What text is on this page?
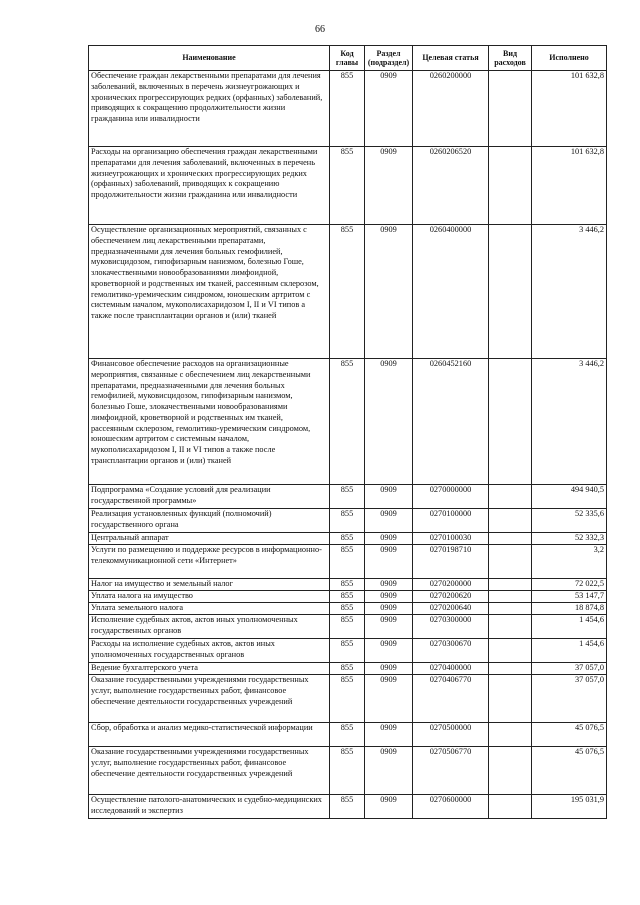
66
Наименование	Код главы	Раздел (подраздел)	Целевая статья	Вид расходов	Исполнено
Обеспечение граждан лекарственными препаратами для лечения заболеваний, включенных в перечень жизнеугрожающих и хронических прогрессирующих редких (орфанных) заболеваний, приводящих к сокращению продолжительности жизни гражданина или инвалидности	855	0909	0260200000		101 632,8
Расходы на организацию обеспечения граждан лекарственными препаратами для лечения заболеваний, включенных в перечень жизнеугрожающих и хронических прогрессирующих редких (орфанных) заболеваний, приводящих к сокращению продолжительности жизни гражданина или инвалидности	855	0909	0260206520		101 632,8
Осуществление организационных мероприятий, связанных с обеспечением лиц лекарственными препаратами, предназначенными для лечения больных гемофилией, муковисцидозом, гипофизарным нанизмом, болезнью Гоше, злокачественными новообразованиями лимфоидной, кроветворной и родственных им тканей, рассеянным склерозом, гемолитико-уремическим синдромом, юношеским артритом с системным началом, мукополисахаридозом I, II и VI типов а также после трансплантации органов и (или) тканей	855	0909	0260400000		3 446,2
Финансовое обеспечение расходов на организационные мероприятия, связанные с обеспечением лиц лекарственными препаратами, предназначенными для лечения больных гемофилией, муковисцидозом, гипофизарным нанизмом, болезнью Гоше, злокачественными новообразованиями лимфоидной, кроветворной и родственных им тканей, рассеянным склерозом, гемолитико-уремическим синдромом, юношеским артритом с системным началом, мукополисахаридозом I, II и VI типов а также после трансплантации органов и (или) тканей	855	0909	0260452160		3 446,2
Подпрограмма «Создание условий для реализации государственной программы»	855	0909	0270000000		494 940,5
Реализация установленных функций (полномочий) государственного органа	855	0909	0270100000		52 335,6
Центральный аппарат	855	0909	0270100030		52 332,3
Услуги по размещению и поддержке ресурсов в информационно-телекоммуникационной сети «Интернет»	855	0909	0270198710		3,2
Налог на имущество и земельный налог	855	0909	0270200000		72 022,5
Уплата налога на имущество	855	0909	0270200620		53 147,7
Уплата земельного налога	855	0909	0270200640		18 874,8
Исполнение судебных актов, актов иных уполномоченных государственных органов	855	0909	0270300000		1 454,6
Расходы на исполнение судебных актов, актов иных уполномоченных государственных органов	855	0909	0270300670		1 454,6
Ведение бухгалтерского учета	855	0909	0270400000		37 057,0
Оказание государственными учреждениями государственных услуг, выполнение государственных работ, финансовое обеспечение деятельности государственных учреждений	855	0909	0270406770		37 057,0
Сбор, обработка и анализ медико-статистической информации	855	0909	0270500000		45 076,5
Оказание государственными учреждениями государственных услуг, выполнение государственных работ, финансовое обеспечение деятельности государственных учреждений	855	0909	0270506770		45 076,5
Осуществление патолого-анатомических и судебно-медицинских исследований и экспертиз	855	0909	0270600000		195 031,9
